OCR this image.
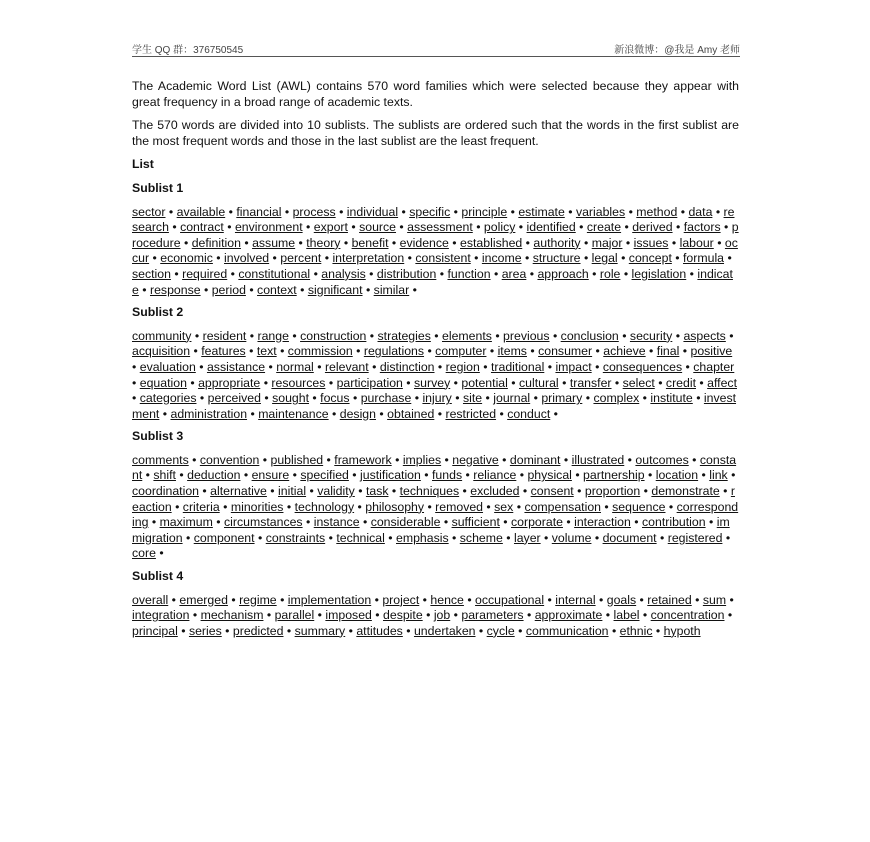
学生 QQ 群：376750545	新浪微博：@我是 Amy 老师

The Academic Word List (AWL) contains 570 word families which were selected because they appear with great frequency in a broad range of academic texts.

The 570 words are divided into 10 sublists. The sublists are ordered such that the words in the first sublist are the most frequent words and those in the last sublist are the least frequent.

List

Sublist 1

sector • available • financial • process • individual • specific • principle • estimate • variables • method • data • research • contract • environment • export • source • assessment • policy • identified • create • derived • factors • procedure • definition • assume • theory • benefit • evidence • established • authority • major • issues • labour • occur • economic • involved • percent • interpretation • consistent • income • structure • legal • concept • formula • section • required • constitutional • analysis • distribution • function • area • approach • role • legislation • indicate • response • period • context • significant • similar •

Sublist 2

community • resident • range • construction • strategies • elements • previous • conclusion • security • aspects • acquisition • features • text • commission • regulations • computer • items • consumer • achieve • final • positive • evaluation • assistance • normal • relevant • distinction • region • traditional • impact • consequences • chapter • equation • appropriate • resources • participation • survey • potential • cultural • transfer • select • credit • affect • categories • perceived • sought • focus • purchase • injury • site • journal • primary • complex • institute • investment • administration • maintenance • design • obtained • restricted • conduct •

Sublist 3

comments • convention • published • framework • implies • negative • dominant • illustrated • outcomes • constant • shift • deduction • ensure • specified • justification • funds • reliance • physical • partnership • location • link • coordination • alternative • initial • validity • task • techniques • excluded • consent • proportion • demonstrate • reaction • criteria • minorities • technology • philosophy • removed • sex • compensation • sequence • corresponding • maximum • circumstances • instance • considerable • sufficient • corporate • interaction • contribution • immigration • component • constraints • technical • emphasis • scheme • layer • volume • document • registered • core •

Sublist 4

overall • emerged • regime • implementation • project • hence • occupational • internal • goals • retained • sum • integration • mechanism • parallel • imposed • despite • job • parameters • approximate • label • concentration • principal • series • predicted • summary • attitudes • undertaken • cycle • communication • ethnic • hypoth
